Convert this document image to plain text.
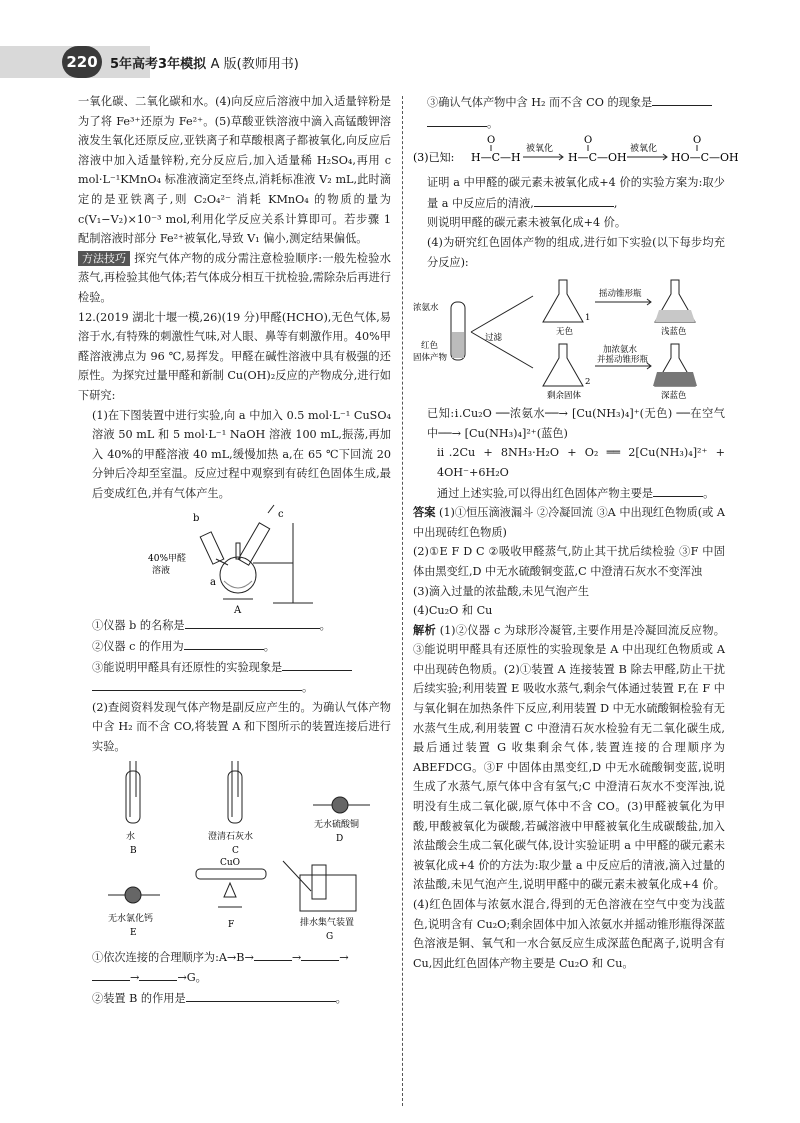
220 5年高考3年模拟 A 版(教师用书)

一氧化碳、二氧化碳和水。(4)向反应后溶液中加入适量锌粉是为了将 Fe³⁺还原为 Fe²⁺。(5)草酸亚铁溶液中滴入高锰酸钾溶液发生氧化还原反应,亚铁离子和草酸根离子都被氧化,向反应后溶液中加入适量锌粉,充分反应后,加入适量稀 H₂SO₄,再用 c mol·L⁻¹KMnO₄ 标准液滴定至终点,消耗标准液 V₂ mL,此时滴定的是亚铁离子,则 C₂O₄²⁻ 消耗 KMnO₄ 的物质的量为 c(V₁−V₂)×10⁻³ mol,利用化学反应关系计算即可。若步骤 1 配制溶液时部分 Fe²⁺被氧化,导致 V₁ 偏小,测定结果偏低。

方法技巧 探究气体产物的成分需注意检验顺序:一般先检验水蒸气,再检验其他气体;若气体成分相互干扰检验,需除杂后再进行检验。

12.(2019 湖北十堰一模,26)(19 分)甲醛(HCHO),无色气体,易溶于水,有特殊的刺激性气味,对人眼、鼻等有刺激作用。40%甲醛溶液沸点为 96 ℃,易挥发。甲醛在碱性溶液中具有极强的还原性。为探究过量甲醛和新制 Cu(OH)₂反应的产物成分,进行如下研究:

(1)在下图装置中进行实验,向 a 中加入 0.5 mol·L⁻¹ CuSO₄ 溶液 50 mL 和 5 mol·L⁻¹ NaOH 溶液 100 mL,振荡,再加入 40%的甲醛溶液 40 mL,缓慢加热 a,在 65 ℃下回流 20 分钟后冷却至室温。反应过程中观察到有砖红色固体生成,最后变成红色,并有气体产生。

b	c
a
40%甲醛
溶液
A

①仪器 b 的名称是	。

②仪器 c 的作用为	。

③能说明甲醛具有还原性的实验现象是

。

(2)查阅资料发现气体产物是副反应产生的。为确认气体产物中含 H₂ 而不含 CO,将装置 A 和下图所示的装置连接后进行实验。

水
B
澄清石灰水
C
无水硫酸铜
D
无水氯化钙
E
CuO
F	排水集气装置
G

①依次连接的合理顺序为:A→B→	→	→

→	→G。

②装置 B 的作用是	。

③确认气体产物中含 H₂ 而不含 CO 的现象是

。

(3)已知: H—C—H
O
被氧化
H—C—OH
O
被氧化
HO—C—OH
O

证明 a 中甲醛的碳元素未被氧化成+4 价的实验方案为:取少量 a 中反应后的清液,	,

则说明甲醛的碳元素未被氧化成+4 价。

(4)为研究红色固体产物的组成,进行如下实验(以下每步均充分反应):

浓氨水
红色
固体产物
过滤
无色
1
摇动锥形瓶
浅蓝色
剩余固体
2
加浓氨水
并摇动锥形瓶
深蓝色

已知:ⅰ.Cu₂O ──浓氨水──→ [Cu(NH₃)₄]⁺(无色) ──在空气中──→ [Cu(NH₃)₄]²⁺(蓝色)

ⅱ.2Cu + 8NH₃·H₂O + O₂ ══ 2[Cu(NH₃)₄]²⁺ + 4OH⁻+6H₂O

通过上述实验,可以得出红色固体产物主要是	。

答案 (1)①恒压滴液漏斗 ②冷凝回流 ③A 中出现红色物质(或 A 中出现砖红色物质)

(2)①E F D C ②吸收甲醛蒸气,防止其干扰后续检验 ③F 中固体由黑变红,D 中无水硫酸铜变蓝,C 中澄清石灰水不变浑浊

(3)滴入过量的浓盐酸,未见气泡产生

(4)Cu₂O 和 Cu

解析 (1)②仪器 c 为球形冷凝管,主要作用是冷凝回流反应物。③能说明甲醛具有还原性的实验现象是 A 中出现红色物质或 A 中出现砖色物质。(2)①装置 A 连接装置 B 除去甲醛,防止干扰后续实验;利用装置 E 吸收水蒸气,剩余气体通过装置 F,在 F 中与氧化铜在加热条件下反应,利用装置 D 中无水硫酸铜检验有无水蒸气生成,利用装置 C 中澄清石灰水检验有无二氧化碳生成,最后通过装置 G 收集剩余气体,装置连接的合理顺序为 ABEFDCG。③F 中固体由黑变红,D 中无水硫酸铜变蓝,说明生成了水蒸气,原气体中含有氢气;C 中澄清石灰水不变浑浊,说明没有生成二氧化碳,原气体中不含 CO。(3)甲醛被氧化为甲酸,甲酸被氧化为碳酸,若碱溶液中甲醛被氧化生成碳酸盐,加入浓盐酸会生成二氧化碳气体,设计实验证明 a 中甲醛的碳元素未被氧化成+4 价的方法为:取少量 a 中反应后的清液,滴入过量的浓盐酸,未见气泡产生,说明甲醛中的碳元素未被氧化成+4 价。(4)红色固体与浓氨水混合,得到的无色溶液在空气中变为浅蓝色,说明含有 Cu₂O;剩余固体中加入浓氨水并摇动锥形瓶得深蓝色溶液是铜、氧气和一水合氨反应生成深蓝色配离子,说明含有 Cu,因此红色固体产物主要是 Cu₂O 和 Cu。
